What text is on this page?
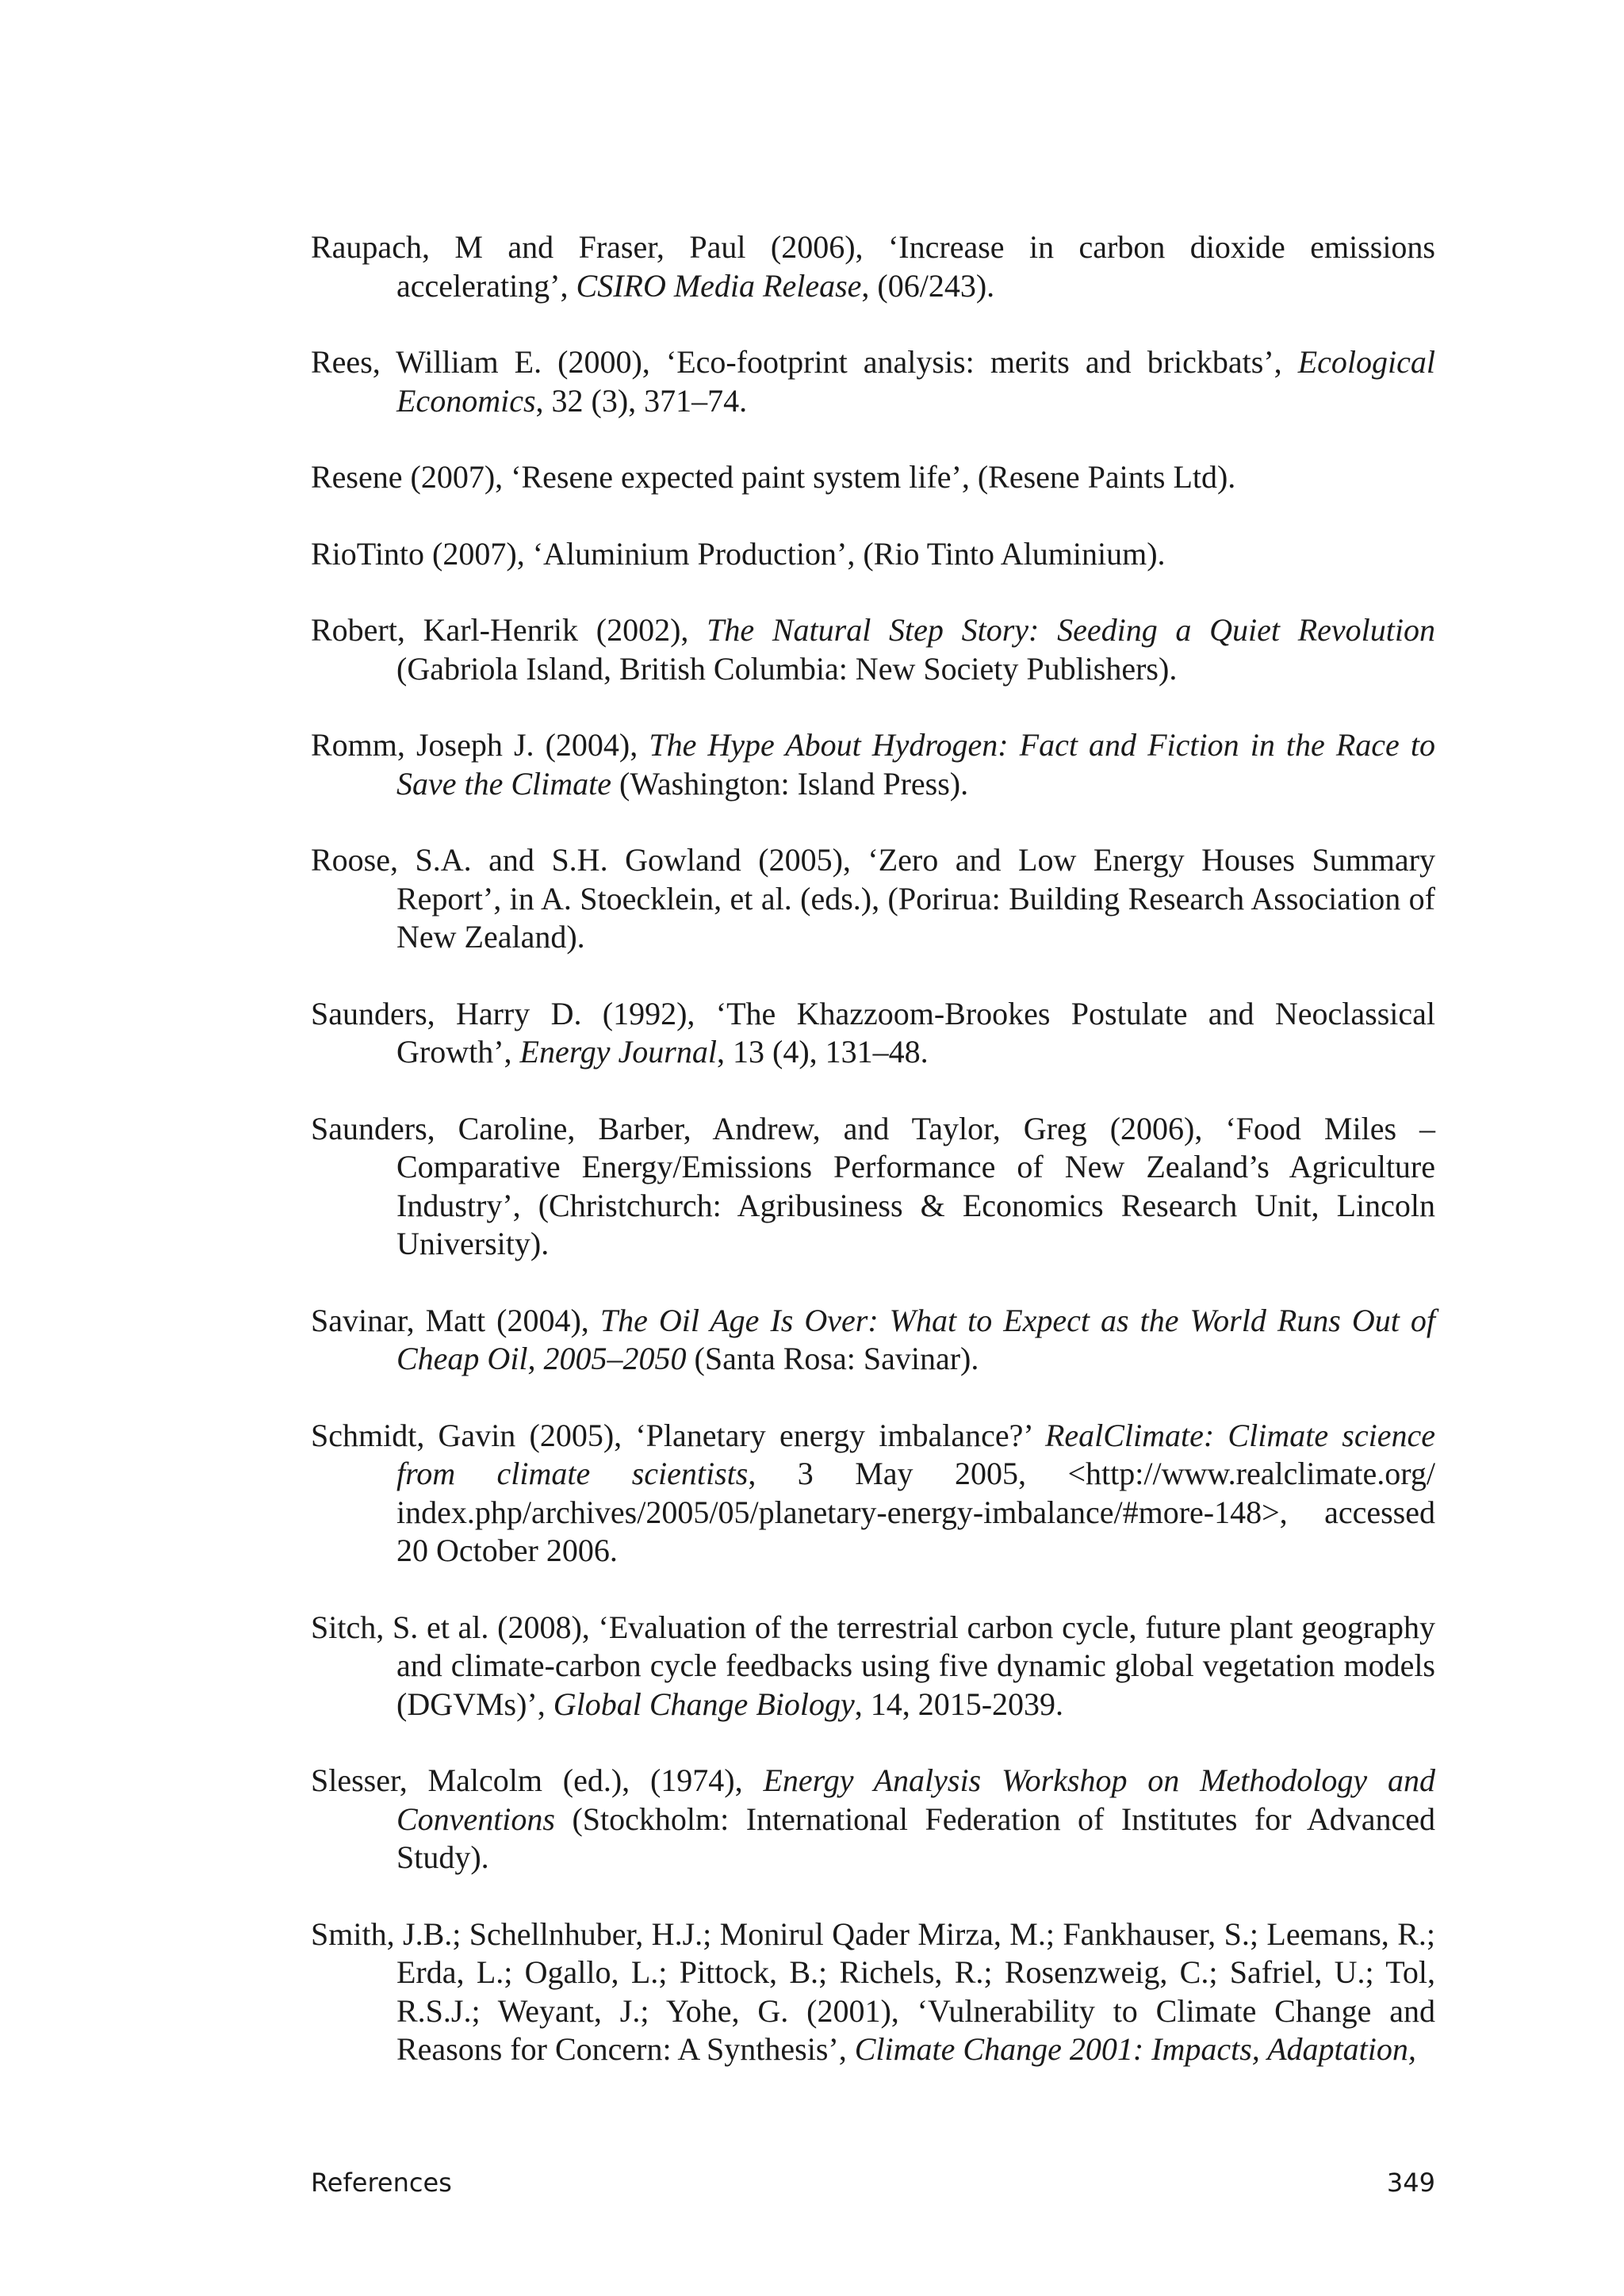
Raupach, M and Fraser, Paul (2006), ‘Increase in carbon dioxide emissions accelerating’, CSIRO Media Release, (06/243).

Rees, William E. (2000), ‘Eco-footprint analysis: merits and brickbats’, Ecological Economics, 32 (3), 371–74.

Resene (2007), ‘Resene expected paint system life’, (Resene Paints Ltd).

RioTinto (2007), ‘Aluminium Production’, (Rio Tinto Aluminium).

Robert, Karl-Henrik (2002), The Natural Step Story: Seeding a Quiet Revolution (Gabriola Island, British Columbia: New Society Publishers).

Romm, Joseph J. (2004), The Hype About Hydrogen: Fact and Fiction in the Race to Save the Climate (Washington: Island Press).

Roose, S.A. and S.H. Gowland (2005), ‘Zero and Low Energy Houses Summary Report’, in A. Stoecklein, et al. (eds.), (Porirua: Building Research Association of New Zealand).

Saunders, Harry D. (1992), ‘The Khazzoom-Brookes Postulate and Neoclassical Growth’, Energy Journal, 13 (4), 131–48.

Saunders, Caroline, Barber, Andrew, and Taylor, Greg (2006), ‘Food Miles – Comparative Energy/Emissions Performance of New Zealand’s Agriculture Industry’, (Christchurch: Agribusiness & Economics Research Unit, Lincoln University).

Savinar, Matt (2004), The Oil Age Is Over: What to Expect as the World Runs Out of Cheap Oil, 2005–2050 (Santa Rosa: Savinar).

Schmidt, Gavin (2005), ‘Planetary energy imbalance?’ RealClimate: Climate science from climate scientists, 3 May 2005, <http://www.realclimate.org/ index.php/archives/2005/05/planetary-energy-imbalance/#more-148>, accessed 20 October 2006.

Sitch, S. et al. (2008), ‘Evaluation of the terrestrial carbon cycle, future plant geography and climate-carbon cycle feedbacks using five dynamic global vegetation models (DGVMs)’, Global Change Biology, 14, 2015-2039.

Slesser, Malcolm (ed.), (1974), Energy Analysis Workshop on Methodology and Conventions (Stockholm: International Federation of Institutes for Advanced Study).

Smith, J.B.; Schellnhuber, H.J.; Monirul Qader Mirza, M.; Fankhauser, S.; Leemans, R.; Erda, L.; Ogallo, L.; Pittock, B.; Richels, R.; Rosenzweig, C.; Safriel, U.; Tol, R.S.J.; Weyant, J.; Yohe, G. (2001), ‘Vulnerability to Climate Change and Reasons for Concern: A Synthesis’, Climate Change 2001: Impacts, Adaptation,

References	349
